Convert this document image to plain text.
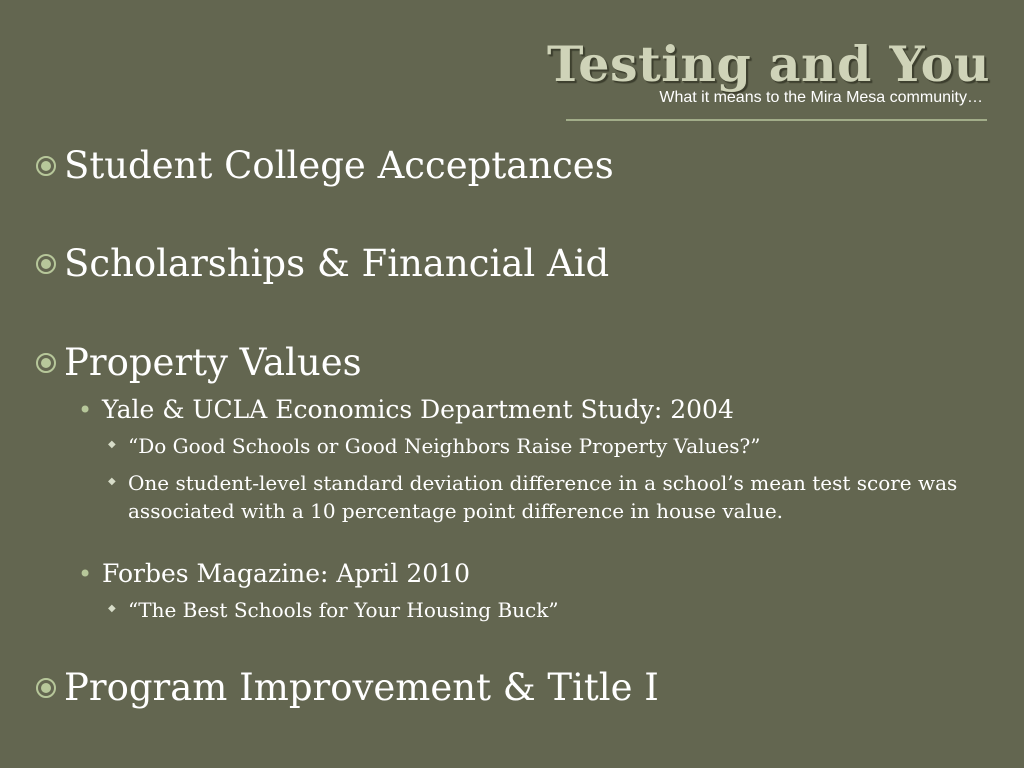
Testing and You
What it means to the Mira Mesa community…
Student College Acceptances
Scholarships & Financial Aid
Property Values
• Yale & UCLA Economics Department Study: 2004
◆ “Do Good Schools or Good Neighbors Raise Property Values?”
◆ One student-level standard deviation difference in a school’s mean test score was associated with a 10 percentage point difference in house value.
• Forbes Magazine: April 2010
◆ “The Best Schools for Your Housing Buck”
Program Improvement & Title I
